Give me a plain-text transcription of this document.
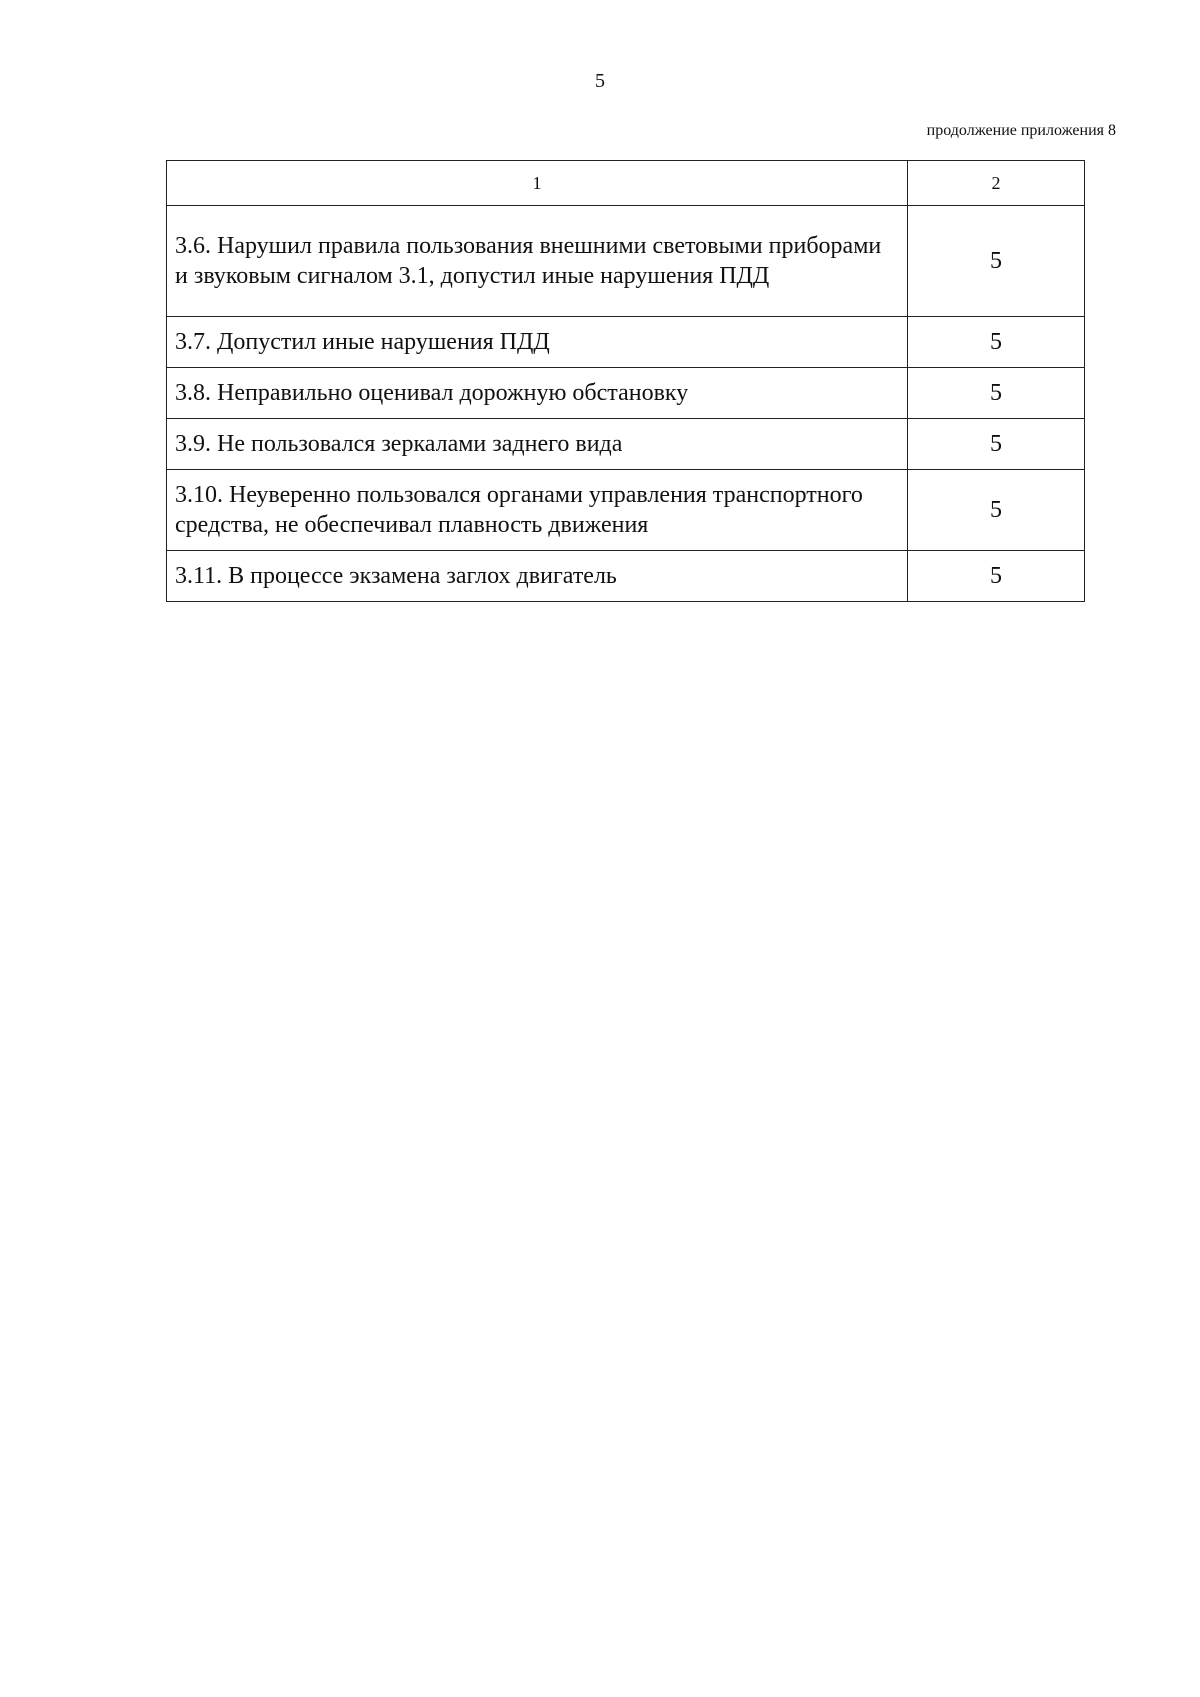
5
продолжение приложения 8
1	2
3.6. Нарушил правила пользования внешними световыми приборами и звуковым сигналом 3.1, допустил иные нарушения ПДД	5
3.7. Допустил иные нарушения ПДД	5
3.8. Неправильно оценивал дорожную обстановку	5
3.9. Не пользовался зеркалами заднего вида	5
3.10. Неуверенно пользовался органами управления транспортного средства, не обеспечивал плавность движения	5
3.11. В процессе экзамена заглох двигатель	5
